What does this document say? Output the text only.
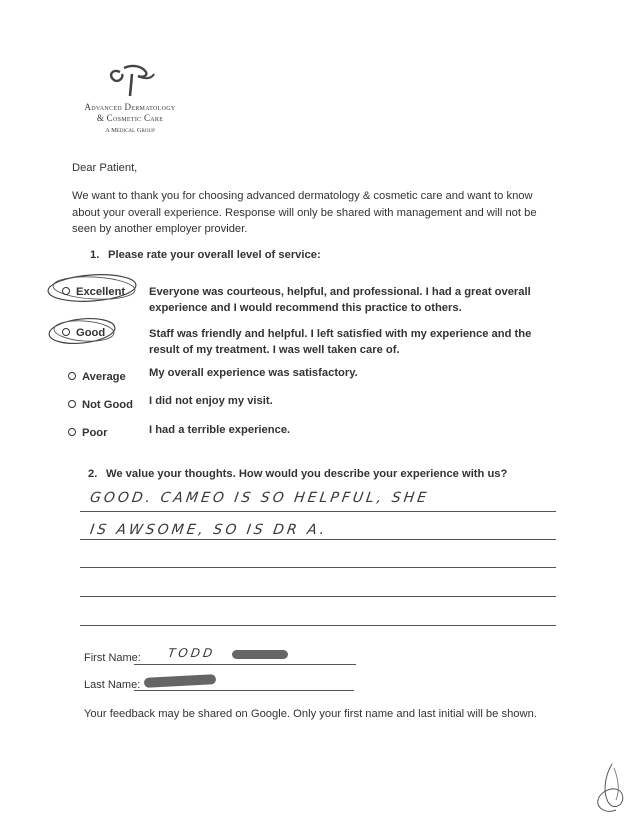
Advanced Dermatology
& Cosmetic Care
A Medical Group
Dear Patient,
We want to thank you for choosing advanced dermatology & cosmetic care and want to know about your overall experience. Response will only be shared with management and will not be seen by another employer provider.
1. Please rate your overall level of service:
Excellent Everyone was courteous, helpful, and professional. I had a great overall experience and I would recommend this practice to others.
Good	Staff was friendly and helpful. I left satisfied with my experience and the result of my treatment. I was well taken care of.
Average My overall experience was satisfactory.
Not Good I did not enjoy my visit.
Poor	I had a terrible experience.
2. We value your thoughts. How would you describe your experience with us?
GOOD. CAMEO IS SO HELPFUL, SHE
IS AWSOME, SO IS DR A.
First Name: TODD
Last Name:
Your feedback may be shared on Google. Only your first name and last initial will be shown.
